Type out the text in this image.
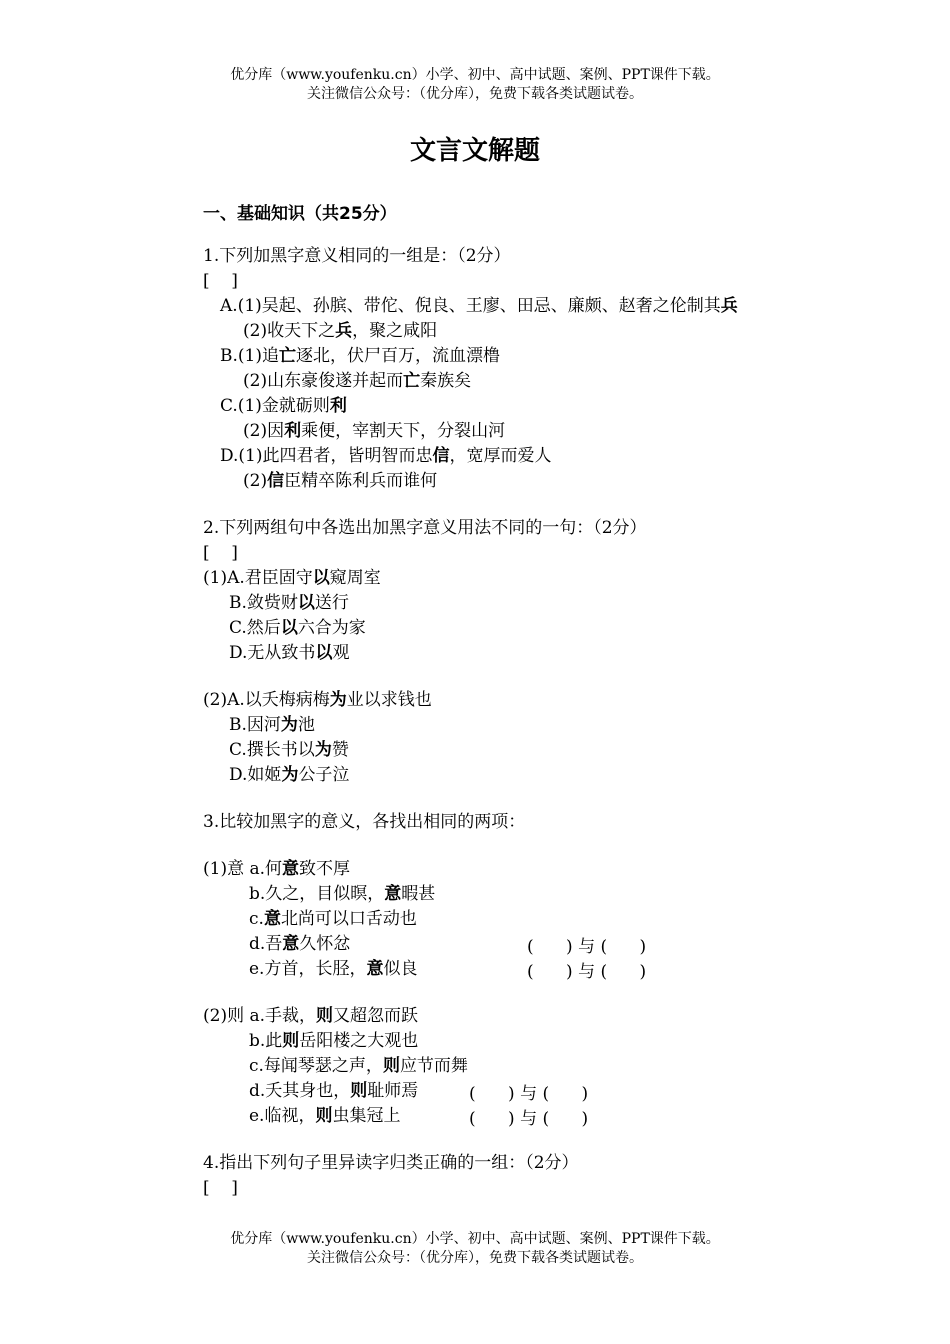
优分库（www.youfenku.cn）小学、初中、高中试题、案例、PPT课件下载。
关注微信公众号：（优分库），免费下载各类试题试卷。
文言文解题
一、基础知识（共25分）
1.下列加黑字意义相同的一组是：（2分）
[    ]
A.(1)吴起、孙膑、带佗、倪良、王廖、田忌、廉颇、赵奢之伦制其兵
(2)收天下之兵，聚之咸阳
B.(1)追亡逐北，伏尸百万，流血漂橹
(2)山东豪俊遂并起而亡秦族矣
C.(1)金就砺则利
(2)因利乘便，宰割天下，分裂山河
D.(1)此四君者，皆明智而忠信，宽厚而爱人
(2)信臣精卒陈利兵而谁何
2.下列两组句中各选出加黑字意义用法不同的一句：（2分）
[    ]
(1)A.君臣固守以窥周室
B.敛赀财以送行
C.然后以六合为家
D.无从致书以观
(2)A.以夭梅病梅为业以求钱也
B.因河为池
C.撰长书以为赞
D.如姬为公子泣
3.比较加黑字的意义，各找出相同的两项：
(1)意 a.何意致不厚
b.久之，目似暝，意暇甚
c.意北尚可以口舌动也
d.吾意久怀忿	(      ) 与 (      )
e.方首，长胫，意似良	(      ) 与 (      )
(2)则 a.手裁，则又超忽而跃
b.此则岳阳楼之大观也
c.每闻琴瑟之声，则应节而舞
d.夭其身也，则耻师焉	(      ) 与 (      )
e.临视，则虫集冠上	(      ) 与 (      )
4.指出下列句子里异读字归类正确的一组：（2分）
[    ]
优分库（www.youfenku.cn）小学、初中、高中试题、案例、PPT课件下载。
关注微信公众号：（优分库），免费下载各类试题试卷。
